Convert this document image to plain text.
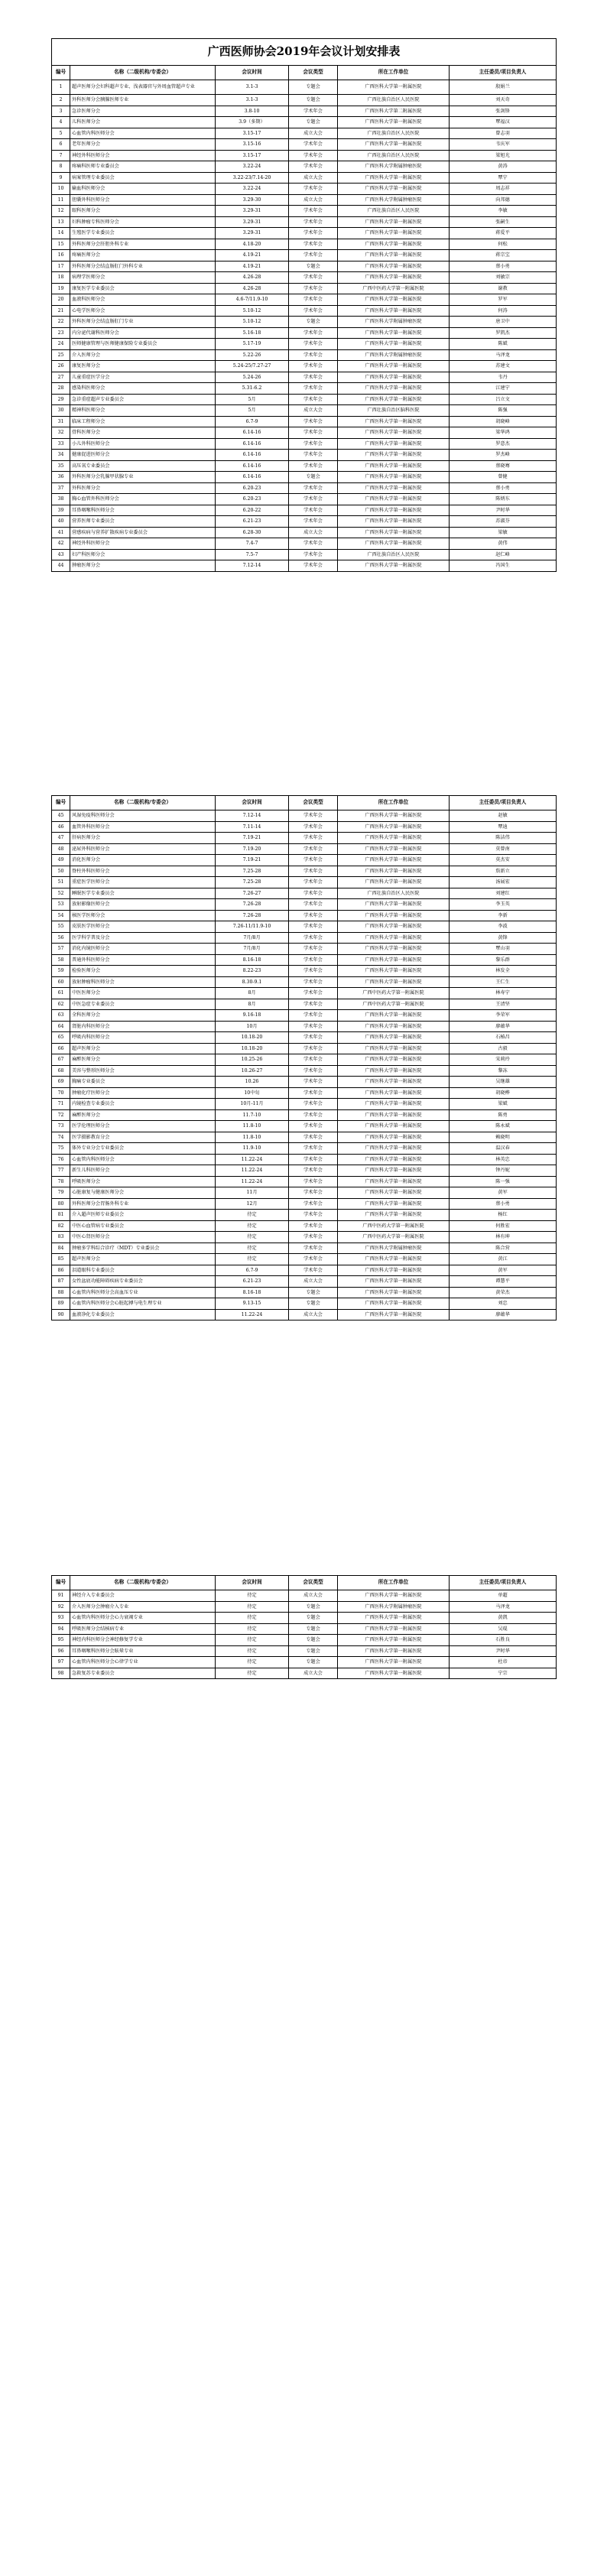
广西医师协会2019年会议计划安排表					
编号	名称（二级机构/专委会）	会议时间	会议类型	所在工作单位	主任委员/项目负责人
1	超声医师分会妇科超声专业、浅表器官与外周血管超声专业	3.1-3	专题会	广西医科大学第一附属医院	殷娟兰
2	外科医师分会胰腺医师专业	3.1-3	专题会	广西壮族自治区人民医院	刘天奇
3	急诊医师分会	3.8-10	学术年会	广西医科大学第二附属医院	张剑锋
4	儿科医师分会	3.9（多期）	专题会	广西医科大学第一附属医院	覃福汉
5	心血管内科医师分会	3.15-17	成立大会	广西壮族自治区人民医院	曾志羽
6	老年医师分会	3.15-16	学术年会	广西医科大学第一附属医院	韦庆军
7	神经外科医师分会	3.15-17	学术年会	广西壮族自治区人民医院	梁旭光
8	疼痛科医师专业委员会	3.22-24	学术年会	广西医科大学附属肿瘤医院	黄涛
9	病案管理专业委员会	3.22-23/7.14-20	成立大会	广西医科大学第一附属医院	覃宁
10	输血科医师分会	3.22-24	学术年会	广西医科大学第一附属医院	周志祥
11	胆囊外科医师分会	3.29-30	成立大会	广西医科大学附属肿瘤医院	向邦德
12	眼科医师分会	3.29-31	学术年会	广西壮族自治区人民医院	李敏
13	妇科肿瘤专科医师分会	3.29-31	学术年会	广西医科大学第一附属医院	张嗣生
14	生殖医学专业委员会	3.29-31	学术年会	广西医科大学第一附属医院	蒋爱平
15	外科医师分会肝胆外科专业	4.18-20	学术年会	广西医科大学第一附属医院	何松
16	疼痛医师分会	4.19-21	学术年会	广西医科大学第一附属医院	蒋宗宝
17	外科医师分会结直肠肛门外科专业	4.19-21	专题会	广西医科大学第一附属医院	蔡小勇
18	病理学医师分会	4.26-28	学术年会	广西医科大学第一附属医院	刘敏宗
19	康复医学专业委员会	4.26-28	学术年会	广西中医药大学第一附属医院	谢教
20	血液科医师分会	4.6-7/11.9-10	学术年会	广西医科大学第一附属医院	罗军
21	心电学医师分会	5.10-12	学术年会	广西医科大学第一附属医院	何涛
22	外科医师分会结直肠肛门专业	5.10-12	专题会	广西医科大学附属肿瘤医院	唐卫中
23	内分泌代谢科医师分会	5.16-18	学术年会	广西医科大学第一附属医院	罗凯杰
24	医师健康管理与医师健康保险专业委员会	5.17-19	学术年会	广西医科大学第一附属医院	陈斌
25	介入医师分会	5.22-26	学术年会	广西医科大学附属肿瘤医院	马泽龙
26	康复医师分会	5.24-25/7.27-27	学术年会	广西医科大学第一附属医院	苏建文
27	儿童重症医学分会	5.24-26	学术年会	广西医科大学第一附属医院	韦丹
28	感染科医师分会	5.31-6.2	学术年会	广西医科大学第一附属医院	江建宁
29	急诊重症超声专业委员会	5月	学术年会	广西医科大学第一附属医院	吕立文
30	精神科医师分会	5月	成立大会	广西壮族自治区脑科医院	陈强
31	临床工程师分会	6.7-9	学术年会	广西医科大学第一附属医院	胡晓峰
32	骨科医师分会	6.14-16	学术年会	广西医科大学第一附属医院	梁华鸿
33	小儿外科医师分会	6.14-16	学术年会	广西医科大学第一附属医院	罗意杰
34	健康促进医师分会	6.14-16	学术年会	广西医科大学第一附属医院	罗杰峰
35	高压氧专业委员会	6.14-16	学术年会	广西医科大学第一附属医院	蔡晓骞
36	外科医师分会乳腺甲状腺专业	6.14-16	专题会	广西医科大学第一附属医院	曾健
37	外科医师分会	6.20-23	学术年会	广西医科大学第一附属医院	蔡小勇
38	胸心血管外科医师分会	6.20-23	学术年会	广西医科大学第一附属医院	陈炳东
39	耳鼻咽喉科医师分会	6.20-22	学术年会	广西医科大学第一附属医院	尹时华
40	营养医师专业委员会	6.21-23	学术年会	广西医科大学第一附属医院	苏淑芬
41	营感疾病与营养扩散疾病专业委员会	6.28-30	成立大会	广西医科大学第一附属医院	梁敏
42	神经外科医师分会	7.4-7	学术年会	广西医科大学第一附属医院	黄伟
43	妇产科医师分会	7.5-7	学术年会	广西壮族自治区人民医院	赵仁峰
44	肿瘤医师分会	7.12-14	学术年会	广西医科大学第一附属医院	冯国生
编号	名称（二级机构/专委会）	会议时间	会议类型	所在工作单位	主任委员/项目负责人
45	风湿免疫科医师分会	7.12-14	学术年会	广西医科大学第一附属医院	赵敏
46	血管外科医师分会	7.11-14	学术年会	广西医科大学第一附属医院	覃迪
47	肝病医师分会	7.19-21	学术年会	广西医科大学第一附属医院	陈洁伟
48	泌尿外科医师分会	7.19-20	学术年会	广西医科大学第一附属医院	莫曾南
49	消化医师分会	7.19-21	学术年会	广西医科大学第一附属医院	莫杰安
50	脊柱外科医师分会	7.25-28	学术年会	广西医科大学第一附属医院	詹新立
51	重症医学医师分会	7.25-28	学术年会	广西医科大学第一附属医院	汤展宏
52	睡眠医学专业委员会	7.26-27	学术年会	广西壮族自治区人民医院	刘建红
53	放射影像医师分会	7.26-28	学术年会	广西医科大学第一附属医院	李玉英
54	核医学医师分会	7.26-28	学术年会	广西医科大学第一附属医院	李新
55	皮肤医学医师分会	7.26-11/11.9-10	学术年会	广西医科大学第一附属医院	李波
56	医学科学普及分会	7月/8月	学术年会	广西医科大学第一附属医院	黄锋
57	消化内镜医师分会	7月/8月	学术年会	广西医科大学第一附属医院	覃山羽
58	普通外科医师分会	8.16-18	学术年会	广西医科大学第一附属医院	黎乐群
59	检验医师分会	8.22-23	学术年会	广西医科大学第一附属医院	林发全
60	放射肿瘤科医师分会	8.30-9.1	学术年会	广西医科大学第一附属医院	王仁生
61	中医医师分会	8月	学术年会	广西中医药大学第一附属医院	林寿宁
62	中医急症专业委员会	8月	学术年会	广西中医药大学第一附属医院	王清坚
63	全科医师分会	9.16-18	学术年会	广西医科大学第一附属医院	李荣军
64	肾脏内科医师分会	10月	学术年会	广西医科大学第一附属医院	廖蕴华
65	呼吸内科医师分会	10.18-20	学术年会	广西医科大学第一附属医院	石椿昌
66	超声医师分会	10.18-20	学术年会	广西医科大学第一附属医院	古毅
67	麻醉医师分会	10.25-26	学术年会	广西医科大学第一附属医院	宋莉玲
68	美容与整形医师分会	10.26-27	学术年会	广西医科大学第一附属医院	黎冻
69	胸痛专业委员会	10.26	学术年会	广西医科大学第一附属医院	吴继雄
70	肿瘤化疗医师分会	10中旬	学术年会	广西医科大学第一附属医院	胡晓桦
71	内镜检查专业委员会	10月-11月	学术年会	广西医科大学第一附属医院	梁斌
72	麻醉医师分会	11.7-10	学术年会	广西医科大学第一附属医院	陈勇
73	医学伦理医师分会	11.8-10	学术年会	广西医科大学第一附属医院	陈永斌
74	医学摄影教育分会	11.8-10	学术年会	广西医科大学第一附属医院	赖晓明
75	体外专业分会专业委员会	11.9-10	学术年会	广西医科大学第一附属医院	温汉春
76	心血管内科医师分会	11.22-24	学术年会	广西医科大学第一附属医院	林英忠
77	新生儿科医师分会	11.22-24	学术年会	广西医科大学第一附属医院	钟丹妮
78	呼吸医师分会	11.22-24	学术年会	广西医科大学第一附属医院	陈一强
79	心脏康复与健康医师分会	11月	学术年会	广西医科大学第一附属医院	黄军
80	外科医师分会胃肠外科专业	12月	学术年会	广西医科大学第一附属医院	蔡小勇
81	介入超声医师专业委员会	待定	学术年会	广西医科大学第一附属医院	杨红
82	中医心血管病专业委员会	待定	学术年会	广西中医药大学第一附属医院	何胜宏
83	中医心肾医师分会	待定	学术年会	广西中医药大学第一附属医院	林有坤
84	肿瘤多学科综合诊疗（MDT）专业委员会	待定	学术年会	广西医科大学附属肿瘤医院	陈合营
85	超声医师分会	待定	学术年会	广西医科大学第一附属医院	黄江
86	泪道眼科专业委员会	6.7-9	学术年会	广西医科大学第一附属医院	黄军
87	女性盆底功能障碍疾病专业委员会	6.21-23	成立大会	广西医科大学第一附属医院	谭慧平
88	心血管内科医师分会高血压专业	8.16-18	专题会	广西医科大学第一附属医院	黄荣杰
89	心血管内科医师分会心脏起搏与电生理专业	9.13-15	专题会	广西医科大学第一附属医院	刘忠
90	血液净化专业委员会	11.22-24	成立大会	广西医科大学第一附属医院	廖蕴华
编号	名称（二级机构/专委会）	会议时间	会议类型	所在工作单位	主任委员/项目负责人
91	神经介入专业委员会	待定	成立大会	广西医科大学第一附属医院	单超
92	介入医师分会肿瘤介入专业	待定	专题会	广西医科大学附属肿瘤医院	马泽龙
93	心血管内科医师分会心力衰竭专业	待定	专题会	广西医科大学第一附属医院	黄凯
94	呼吸医师分会结核病专业	待定	专题会	广西医科大学第一附属医院	吴琨
95	神经内科医师分会神经修复学专业	待定	专题会	广西医科大学第一附属医院	石胜良
96	耳鼻咽喉科医师分会眩晕专业	待定	专题会	广西医科大学第一附属医院	尹时华
97	心血管内科医师分会心律学专业	待定	专题会	广西医科大学第一附属医院	杜帝
98	急救复苏专业委员会	待定	成立大会	广西医科大学第一附属医院	宁宗
